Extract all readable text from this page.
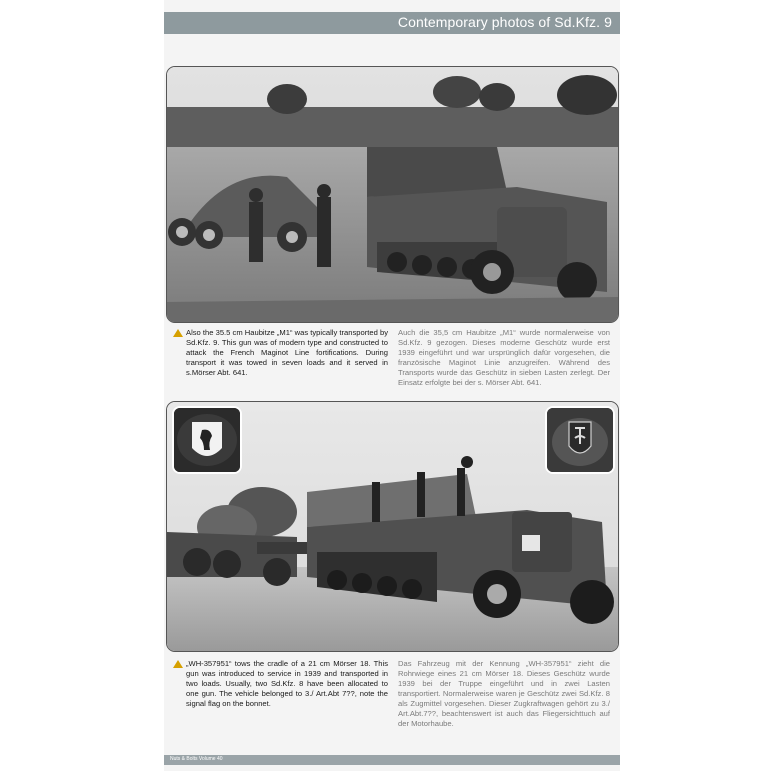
Contemporary photos of Sd.Kfz. 9
Also the 35.5 cm Haubitze „M1“ was typically transported by Sd.Kfz. 9. This gun was of modern type and constructed to attack the French Maginot Line fortifications. During transport it was towed in seven loads and it served in s.Mörser Abt. 641.
Auch die 35,5 cm Haubitze „M1“ wurde normalerweise von Sd.Kfz. 9 gezogen. Dieses moderne Geschütz wurde erst 1939 eingeführt und war ursprünglich dafür vorgesehen, die französische Maginot Linie anzugreifen. Während des Transports wurde das Geschütz in sieben Lasten zerlegt. Der Einsatz erfolgte bei der s. Mörser Abt. 641.
„WH-357951“ tows the cradle of a 21 cm Mörser 18. This gun was introduced to service in 1939 and transported in two loads. Usually, two Sd.Kfz. 8 have been allocated to one gun. The vehicle belonged to 3./ Art.Abt 7??, note the signal flag on the bonnet.
Das Fahrzeug mit der Kennung „WH-357951“ zieht die Rohrwiege eines 21 cm Mörser 18. Dieses Geschütz wurde 1939 bei der Truppe eingeführt und in zwei Lasten transportiert. Normalerweise waren je Geschütz zwei Sd.Kfz. 8 als Zugmittel vorgesehen. Dieser Zugkraftwagen gehört zu 3./ Art.Abt.7??, beachtenswert ist auch das Fliegersichttuch auf der Motorhaube.
Nuts & Bolts Volume 40
